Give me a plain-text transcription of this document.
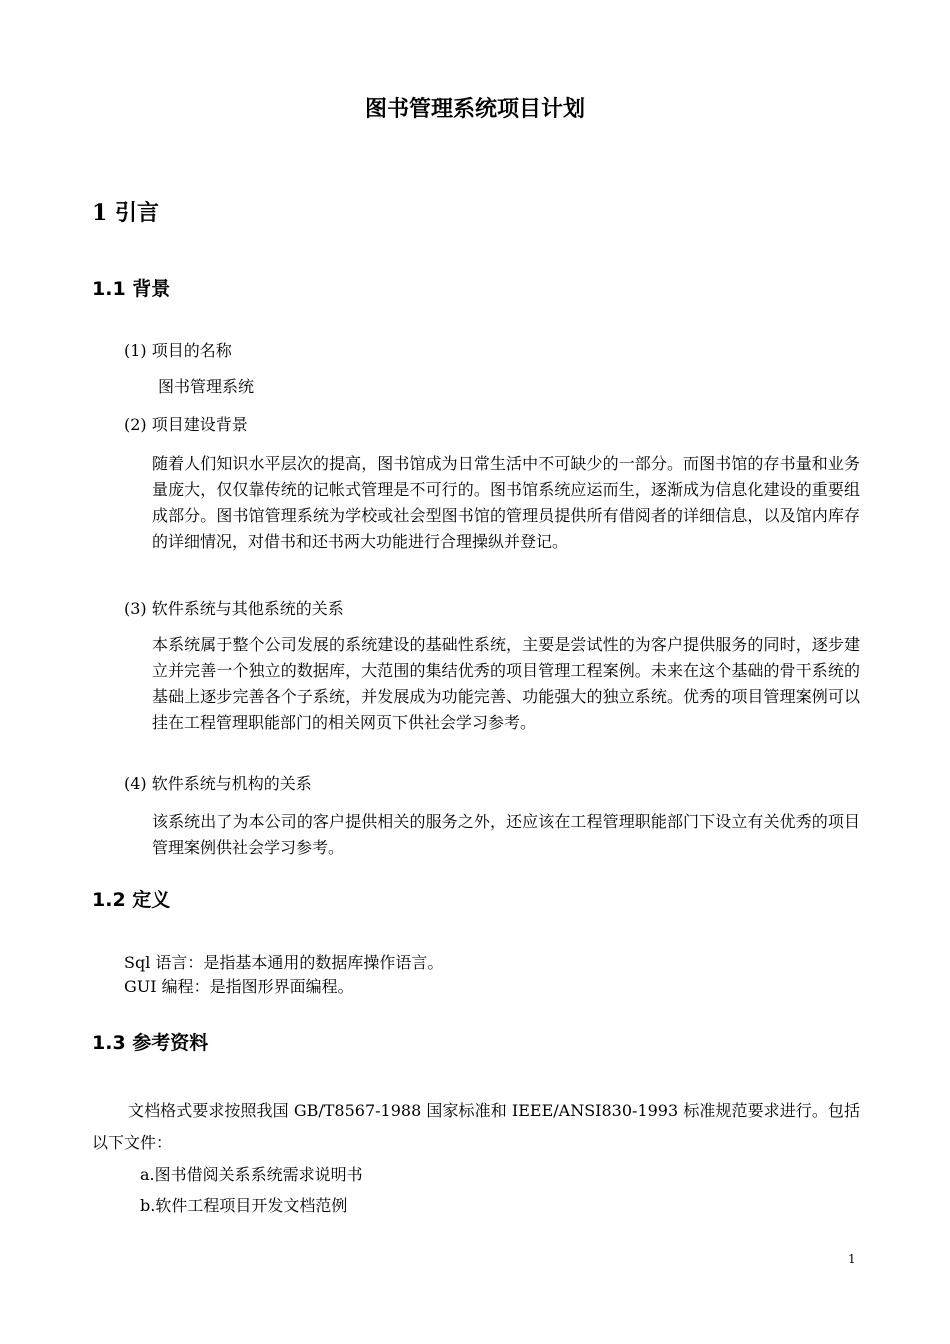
图书管理系统项目计划
1 引言
1.1 背景

(1) 项目的名称

图书管理系统

(2) 项目建设背景

随着人们知识水平层次的提高，图书馆成为日常生活中不可缺少的一部分。而图书馆的存书量和业务量庞大，仅仅靠传统的记帐式管理是不可行的。图书馆系统应运而生，逐渐成为信息化建设的重要组成部分。图书馆管理系统为学校或社会型图书馆的管理员提供所有借阅者的详细信息，以及馆内库存的详细情况，对借书和还书两大功能进行合理操纵并登记。

(3) 软件系统与其他系统的关系

本系统属于整个公司发展的系统建设的基础性系统，主要是尝试性的为客户提供服务的同时，逐步建立并完善一个独立的数据库，大范围的集结优秀的项目管理工程案例。未来在这个基础的骨干系统的基础上逐步完善各个子系统，并发展成为功能完善、功能强大的独立系统。优秀的项目管理案例可以挂在工程管理职能部门的相关网页下供社会学习参考。

(4) 软件系统与机构的关系

该系统出了为本公司的客户提供相关的服务之外，还应该在工程管理职能部门下设立有关优秀的项目管理案例供社会学习参考。

1.2 定义

Sql 语言：是指基本通用的数据库操作语言。

GUI 编程：是指图形界面编程。

1.3 参考资料

文档格式要求按照我国 GB/T8567-1988 国家标准和 IEEE/ANSI830-1993 标准规范要求进行。包括以下文件：

a.图书借阅关系系统需求说明书

b.软件工程项目开发文档范例

1
